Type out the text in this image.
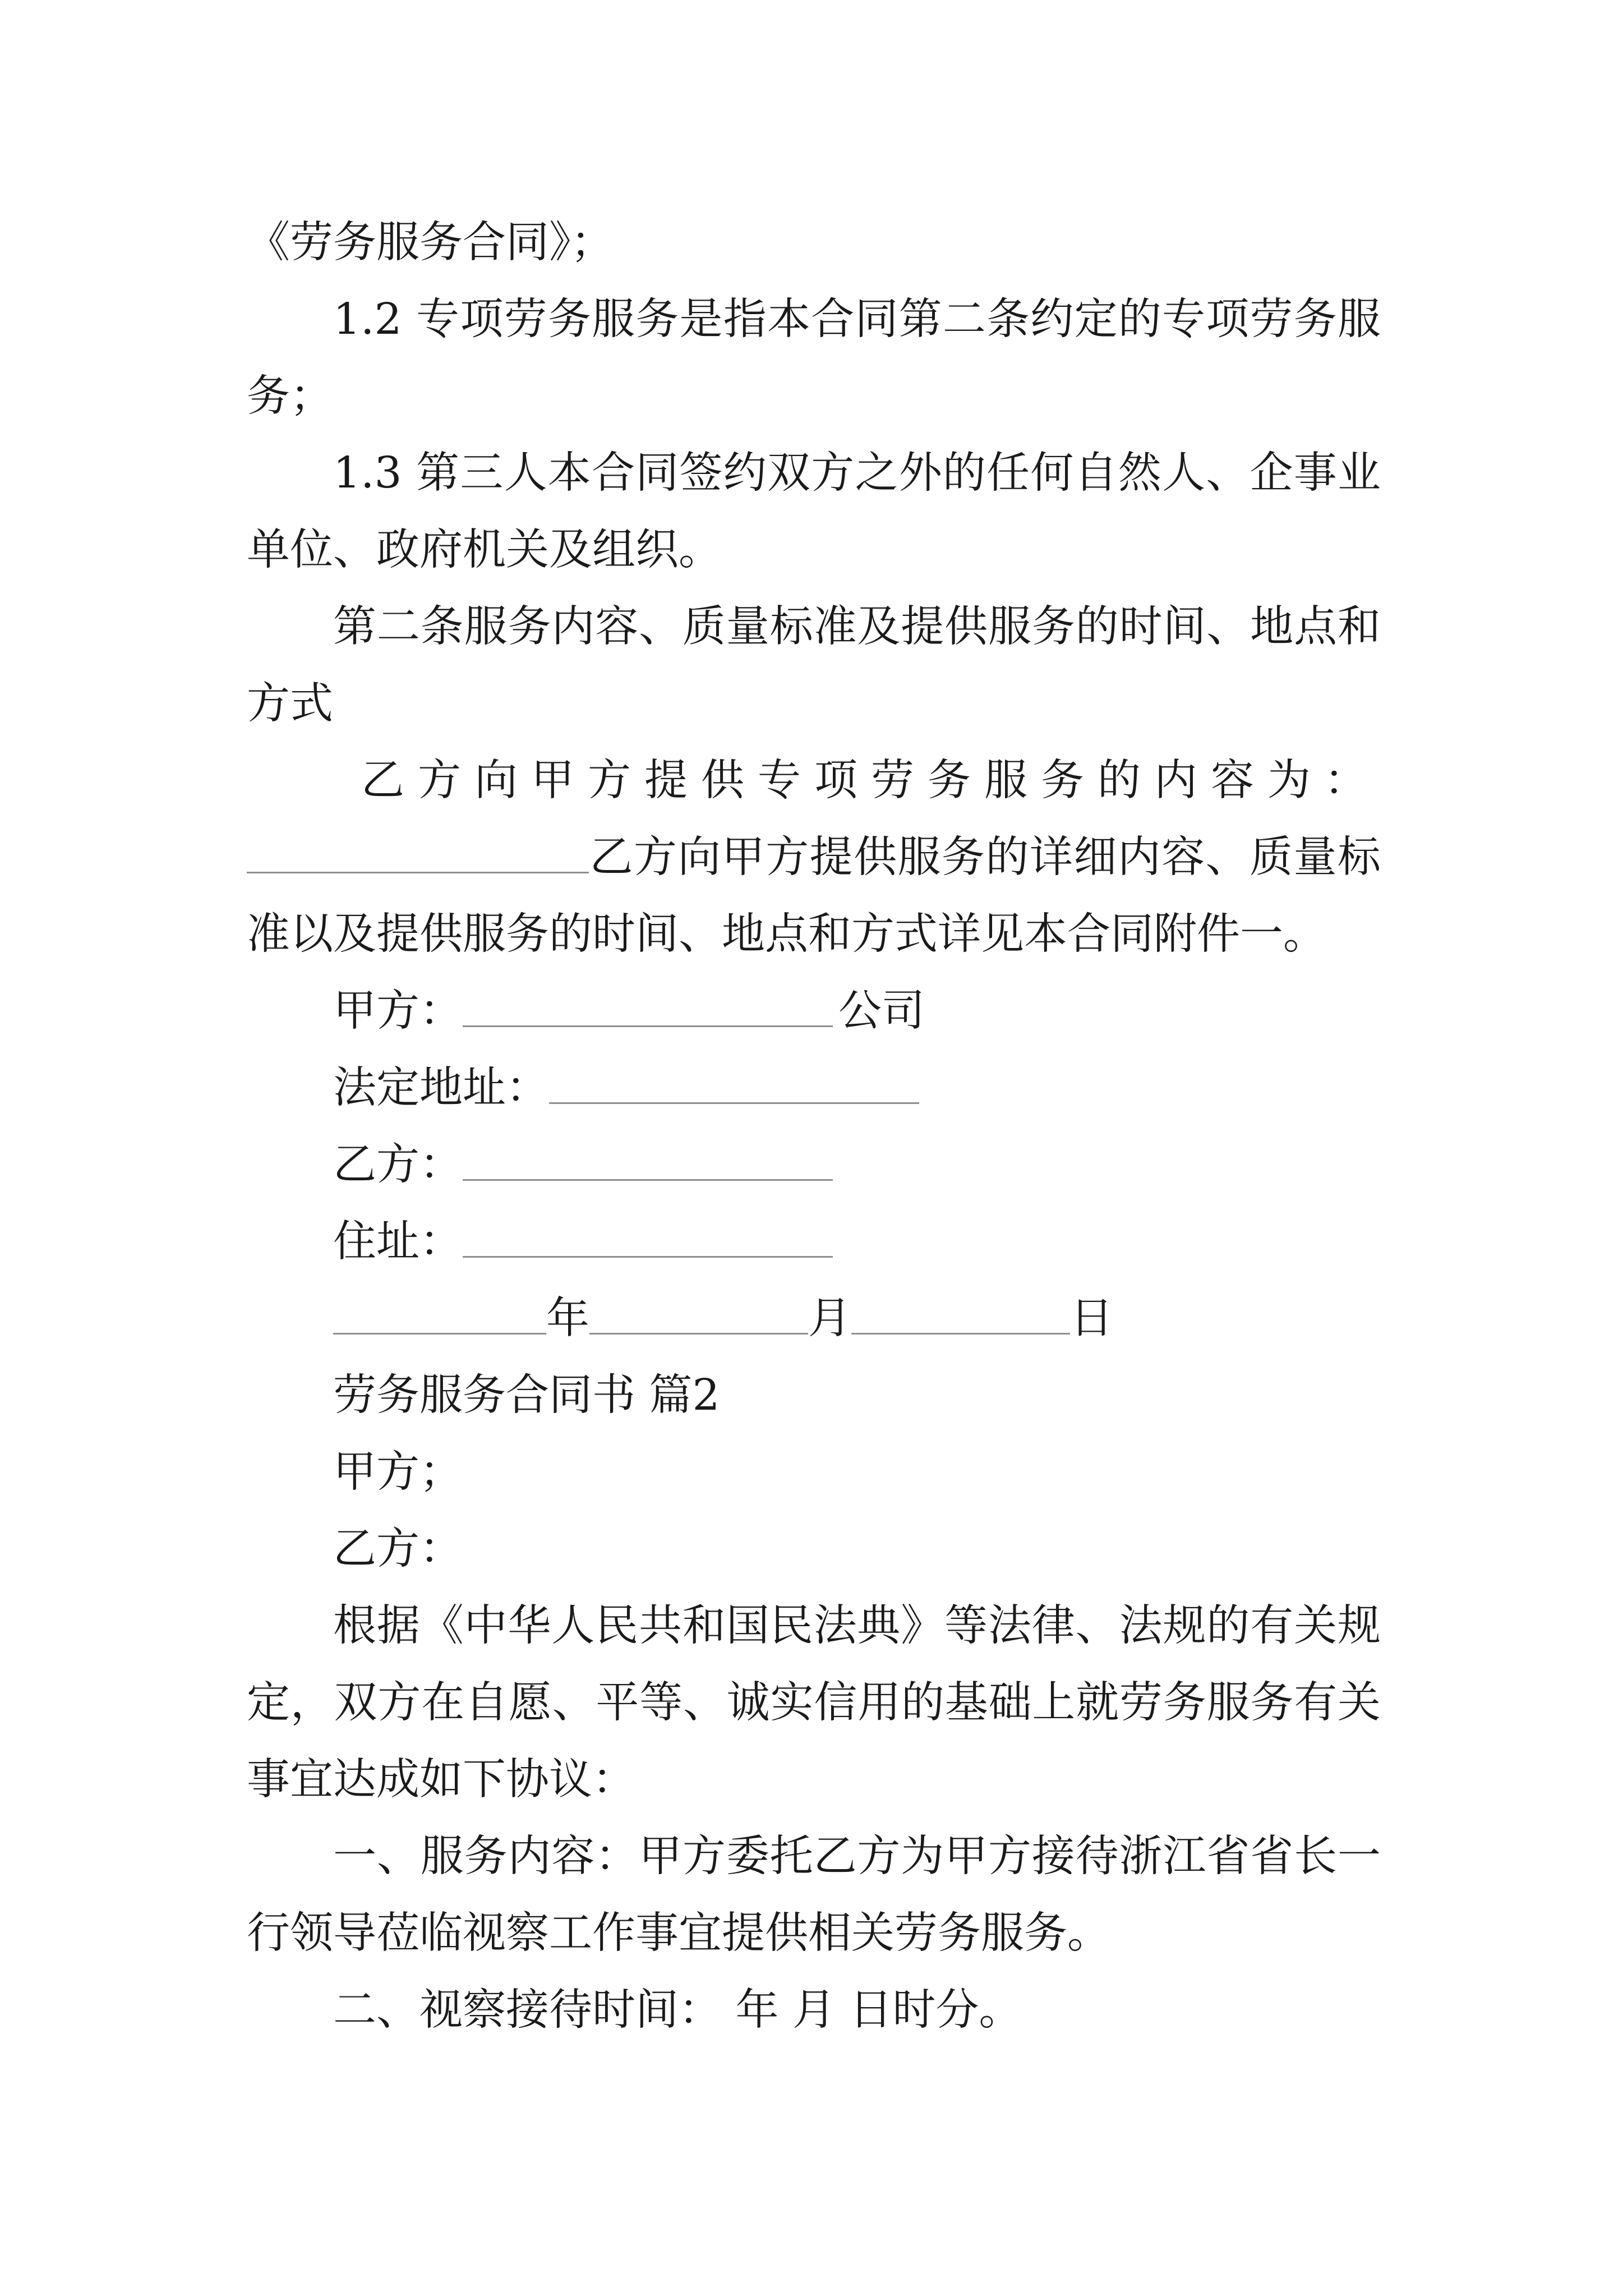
《劳务服务合同》；
1.2 专项劳务服务是指本合同第二条约定的专项劳务服
务；
1.3 第三人本合同签约双方之外的任何自然人、企事业
单位、政府机关及组织。
第二条服务内容、质量标准及提供服务的时间、地点和
方式
乙方向甲方提供专项劳务服务的内容为：
乙方向甲方提供服务的详细内容、质量标
准以及提供服务的时间、地点和方式详见本合同附件一。
甲方：	公司
法定地址：
乙方：
住址：
年	月	日
劳务服务合同书 篇2
甲方；
乙方：
根据《中华人民共和国民法典》等法律、法规的有关规
定，双方在自愿、平等、诚实信用的基础上就劳务服务有关
事宜达成如下协议：
一、服务内容：甲方委托乙方为甲方接待浙江省省长一
行领导莅临视察工作事宜提供相关劳务服务。
二、视察接待时间： 年 月 日时分。
